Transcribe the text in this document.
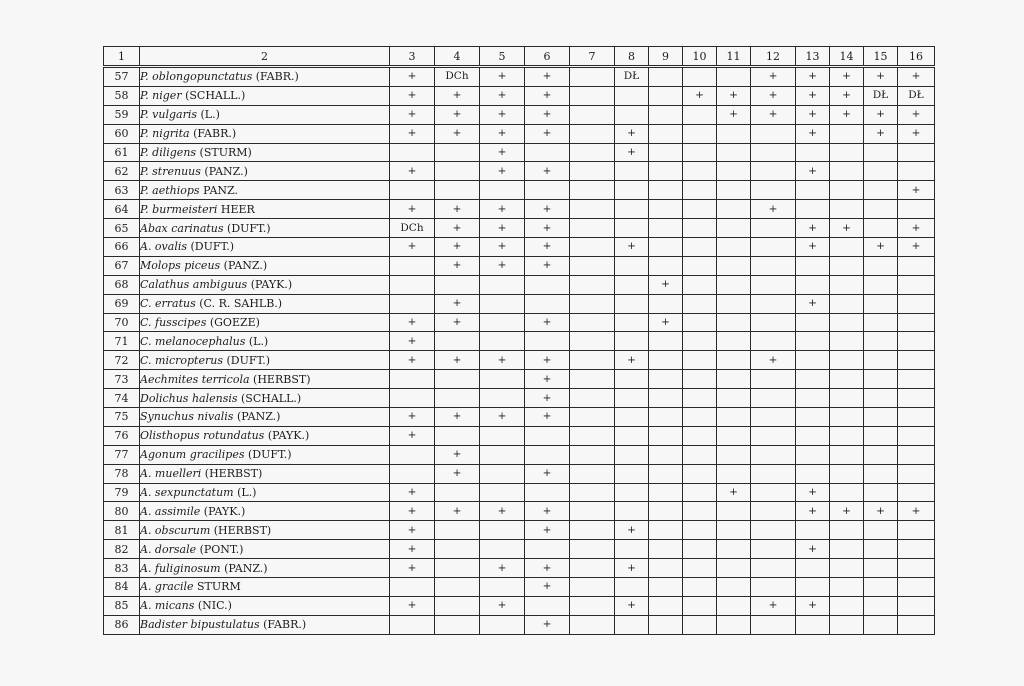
1	2	3	4	5	6	7	8	9	10	11	12	13	14	15	16
57	P. oblongopunctatus (FABR.)	+	DCh	+	+		DŁ				+	+	+	+	+
58	P. niger (SCHALL.)	+	+	+	+				+	+	+	+	+	DŁ	DŁ
59	P. vulgaris (L.)	+	+	+	+					+	+	+	+	+	+
60	P. nigrita (FABR.)	+	+	+	+		+					+		+	+
61	P. diligens (STURM)			+			+								
62	P. strenuus (PANZ.)	+		+	+							+			
63	P. aethiops PANZ.														+
64	P. burmeisteri HEER	+	+	+	+						+				
65	Abax carinatus (DUFT.)	DCh	+	+	+							+	+		+
66	A. ovalis (DUFT.)	+	+	+	+		+					+		+	+
67	Molops piceus (PANZ.)		+	+	+										
68	Calathus ambiguus (PAYK.)							+							
69	C. erratus (C. R. SAHLB.)		+									+			
70	C. fusscipes (GOEZE)	+	+		+			+							
71	C. melanocephalus (L.)	+													
72	C. micropterus (DUFT.)	+	+	+	+		+				+				
73	Aechmites terricola (HERBST)				+										
74	Dolichus halensis (SCHALL.)				+										
75	Synuchus nivalis (PANZ.)	+	+	+	+										
76	Olisthopus rotundatus (PAYK.)	+													
77	Agonum gracilipes (DUFT.)		+												
78	A. muelleri (HERBST)		+		+										
79	A. sexpunctatum (L.)	+								+		+			
80	A. assimile (PAYK.)	+	+	+	+							+	+	+	+
81	A. obscurum (HERBST)	+			+		+								
82	A. dorsale (PONT.)	+										+			
83	A. fuliginosum (PANZ.)	+		+	+		+								
84	A. gracile STURM				+										
85	A. micans (NIC.)	+		+			+				+	+			
86	Badister bipustulatus (FABR.)				+										
